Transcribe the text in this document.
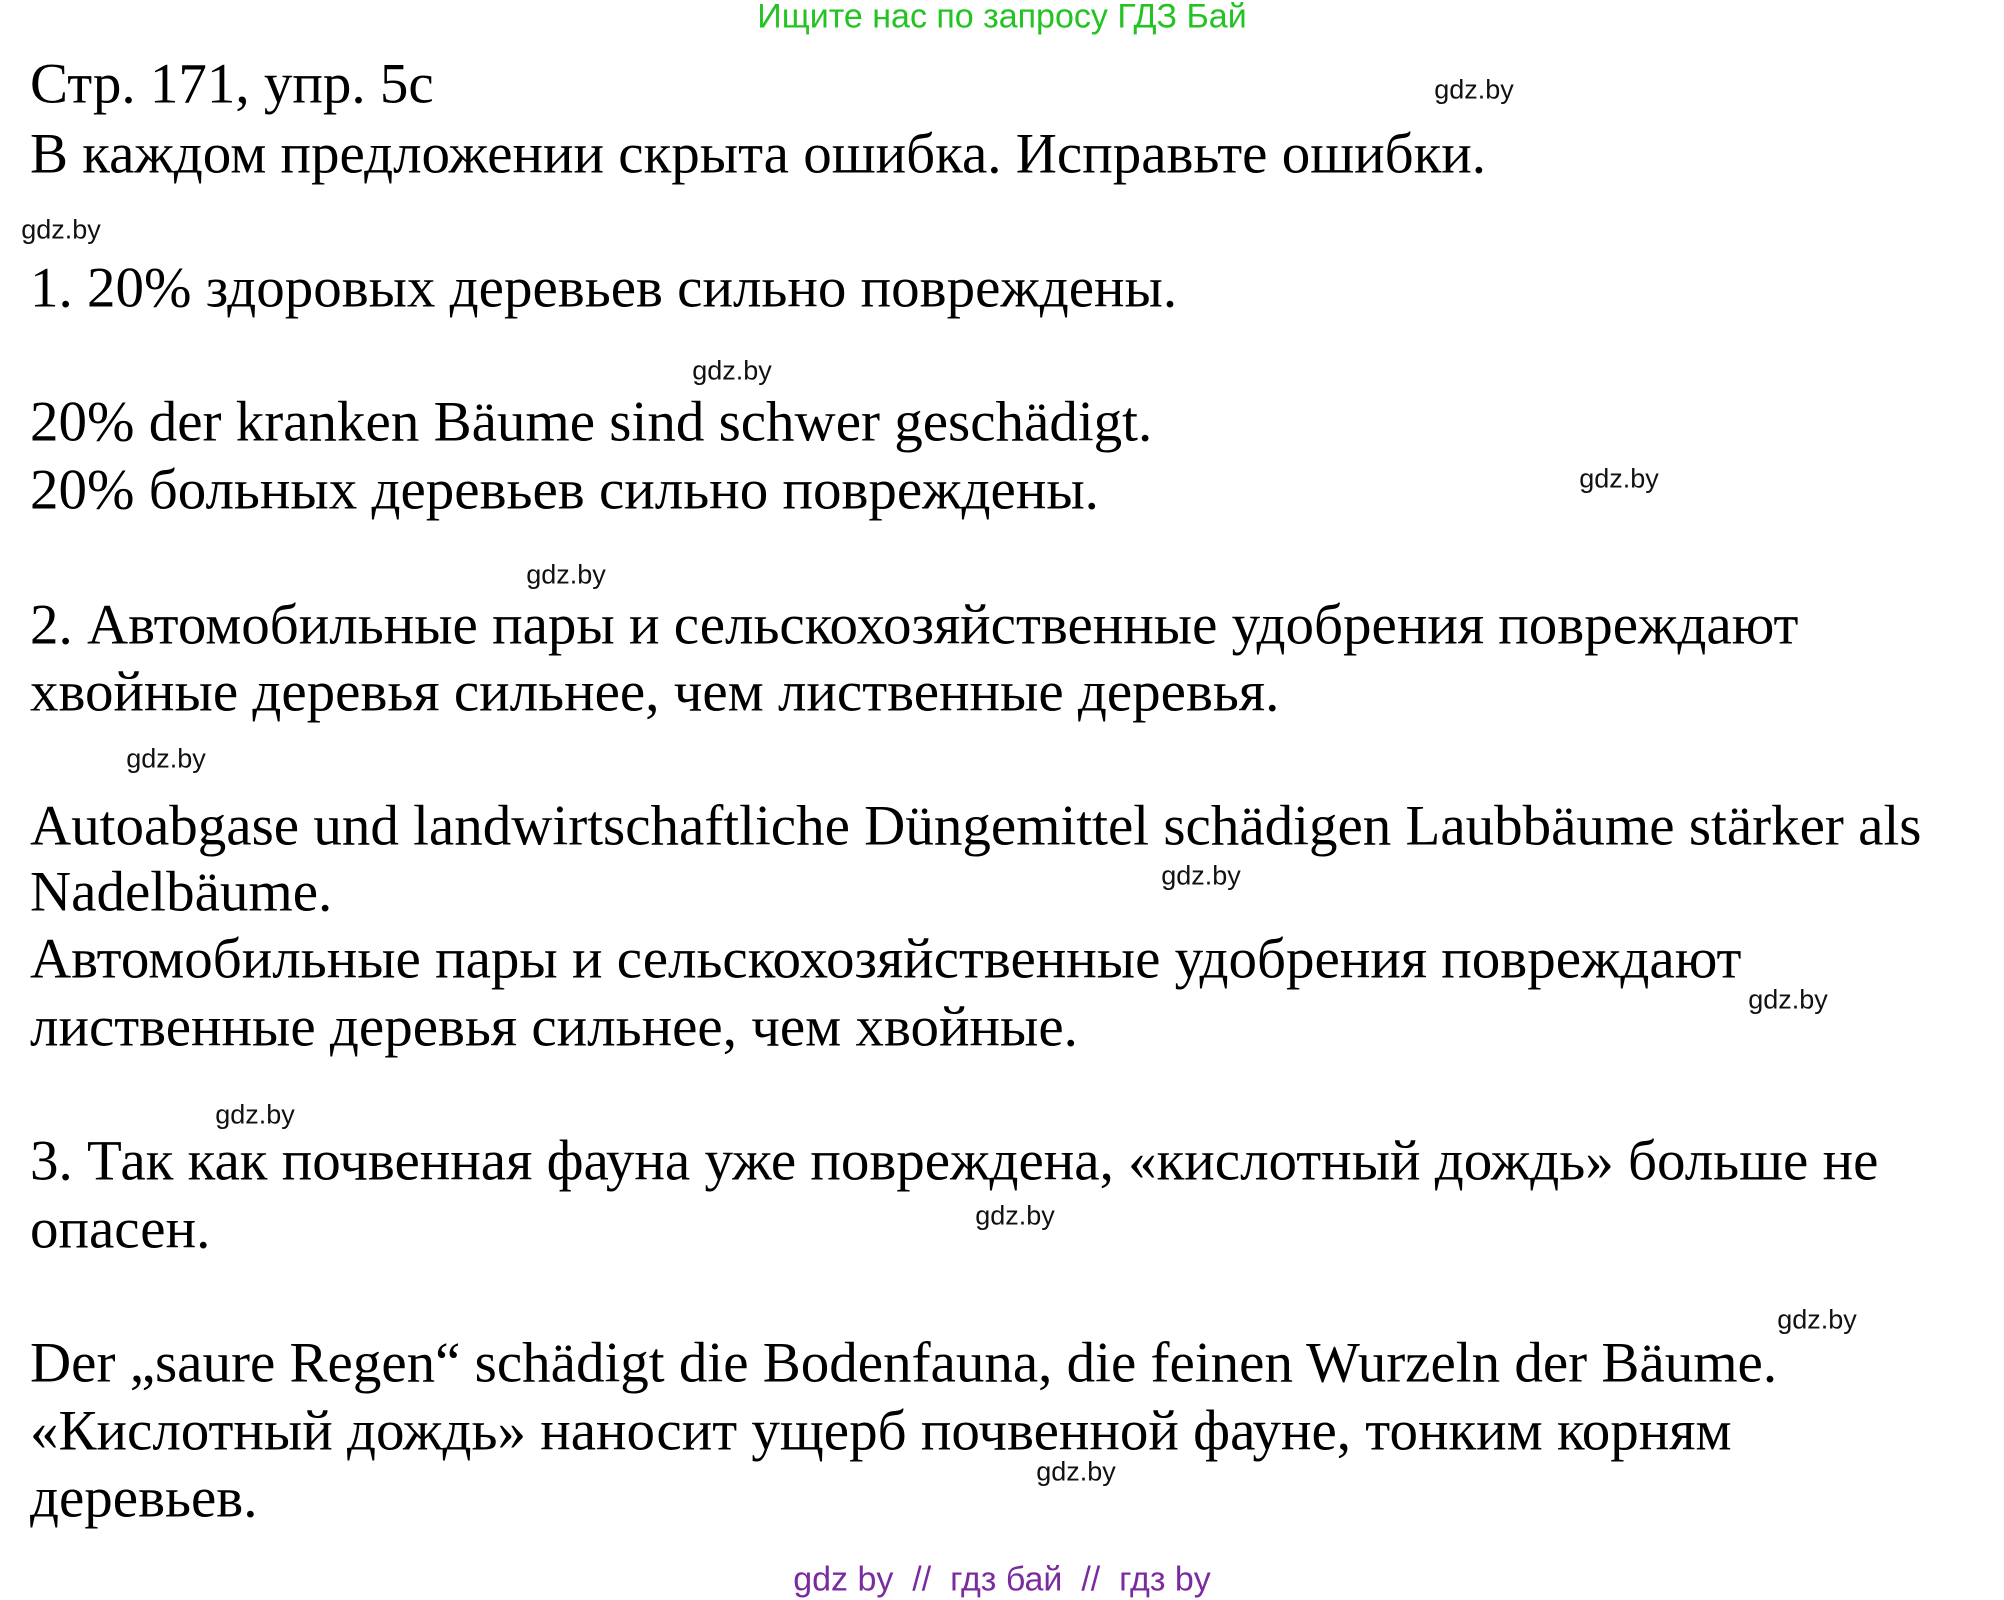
Ищите нас по запросу ГДЗ Бай
Стр. 171, упр. 5c
В каждом предложении скрыта ошибка. Исправьте ошибки.
1. 20% здоровых деревьев сильно повреждены.
20% der kranken Bäume sind schwer geschädigt.
20% больных деревьев сильно повреждены.
2. Автомобильные пары и сельскохозяйственные удобрения повреждают
хвойные деревья сильнее, чем лиственные деревья.
Autoabgase und landwirtschaftliche Düngemittel schädigen Laubbäume stärker als
Nadelbäume.
Автомобильные пары и сельскохозяйственные удобрения повреждают
лиственные деревья сильнее, чем хвойные.
3. Так как почвенная фауна уже повреждена, «кислотный дождь» больше не
опасен.
Der „saure Regen“ schädigt die Bodenfauna, die feinen Wurzeln der Bäume.
«Кислотный дождь» наносит ущерб почвенной фауне, тонким корням
деревьев.
gdz.by
gdz.by
gdz.by
gdz.by
gdz.by
gdz.by
gdz.by
gdz.by
gdz.by
gdz.by
gdz.by
gdz.by
gdz by  //  гдз бай  //  гдз by
